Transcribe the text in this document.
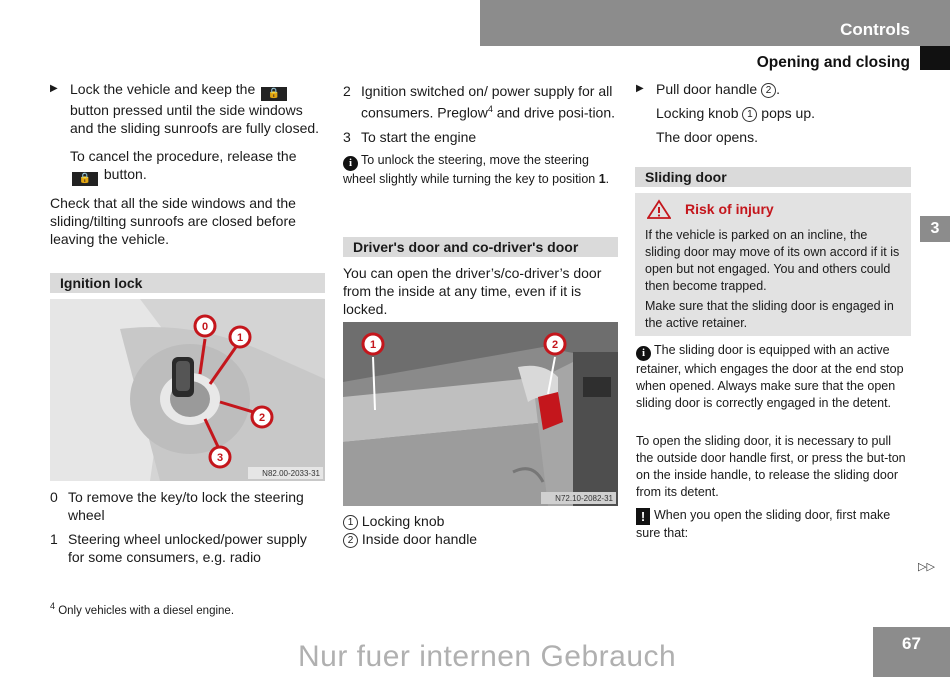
Controls
Opening and closing
3
▶ Lock the vehicle and keep the 🔒 button pressed until the side windows and the sliding sunroofs are fully closed.
To cancel the procedure, release the 🔒 button.

Check that all the side windows and the sliding/tilting sunroofs are closed before leaving the vehicle.

Ignition lock
0
1
2
3
N82.00-2033-31
0 To remove the key/to lock the steering wheel
1 Steering wheel unlocked/power supply for some consumers, e.g. radio
$^4$ Only vehicles with a diesel engine.
2 Ignition switched on/ power supply for all consumers. Preglow$^4$ and drive posi-tion.
3 To start the engine
i To unlock the steering, move the steering wheel slightly while turning the key to position 1.
Driver's door and co-driver's door
You can open the driver’s/co-driver’s door from the inside at any time, even if it is locked.
1	2
N72.10-2082-31
1 Locking knob
2 Inside door handle
▶ Pull door handle 2 .
Locking knob 1 pops up.
The door opens.
Sliding door
Risk of injury
If the vehicle is parked on an incline, the sliding door may move of its own accord if it is open but not engaged. You and others could then become trapped.
Make sure that the sliding door is engaged in the active retainer.
i The sliding door is equipped with an active retainer, which engages the door at the end stop when opened. Always make sure that the open sliding door is correctly engaged in the detent.
To open the sliding door, it is necessary to pull the outside door handle first, or press the but-ton on the inside handle, to release the sliding door from its detent.
! When you open the sliding door, first make sure that:
▷▷
67
Nur fuer internen Gebrauch
